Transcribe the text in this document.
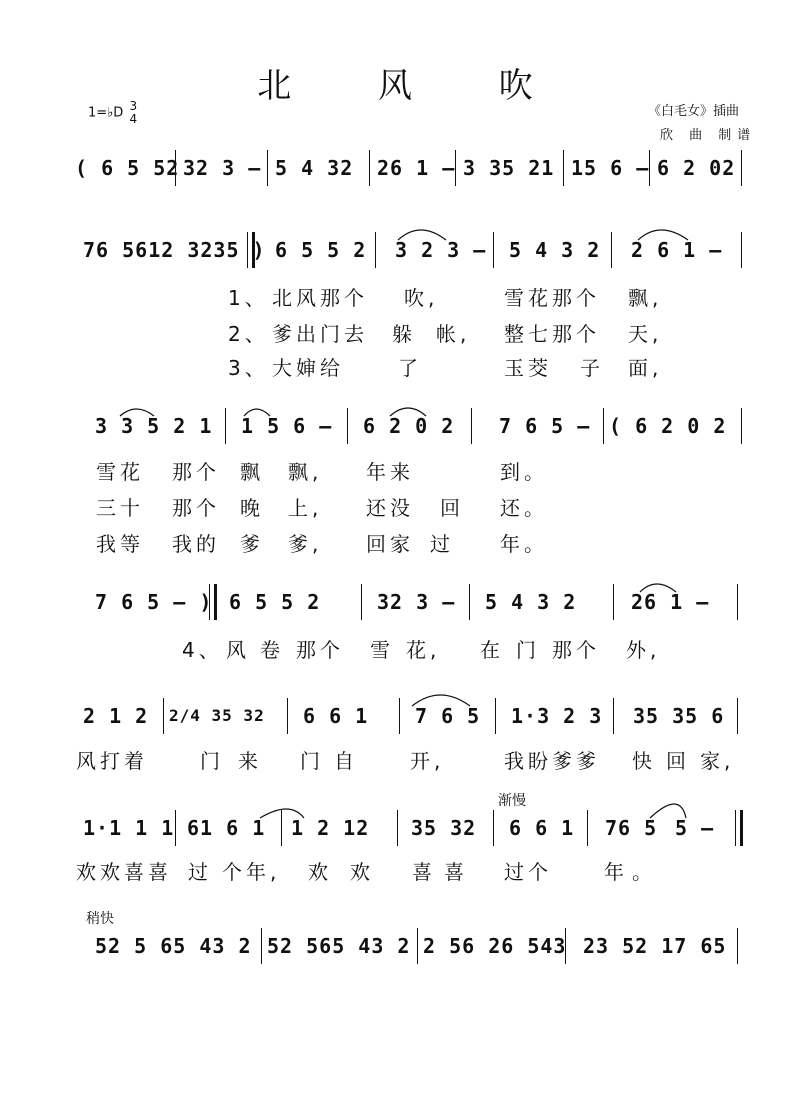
北 风 吹
1=♭D 3
4	《白毛女》插曲
欣 曲 制谱
( 6 5 52 32 3 – 5 4 32 26 1 – 3 35 21 15 6 – 6 2 02
76 5612 3235 ) 6 5 5 2 3 2 3 – 5 4 3 2 2 6 1 –
1、 北风那个 吹,	雪花那个 飘,
2、 爹出门去 躲 帐, 整七那个 天,
3、 大婶给	了	玉茭 子 面,
3 3 5 2 1 1 5 6 – 6 2 0 2 7 6 5 – ( 6 2 0 2
雪花 那个 飘 飘, 年来	到。
三十 那个 晚 上, 还没 回 还。
我等 我的 爹 爹, 回家 过 年。
7 6 5 – ) 6 5 5 2	32 3 – 5 4 3 2	26 1 –
4、 风 卷 那个 雪 花, 在 门 那个 外,
2 1 2 2/4 35 32 6 6 1 7 6 5 1·3 2 3 35 35 6
风打着	门 来 门 自	开,	我盼爹爹 快 回 家,
渐慢
1·1 1 1 61 6 1 1 2 12 35 32 6 6 1 76 5 5 –
欢欢喜喜 过 个年, 欢 欢 喜 喜 过个	年 。
稍快
52 5 65 43 2 52 565 43 2 2 56 26 543 23 52 17 65
